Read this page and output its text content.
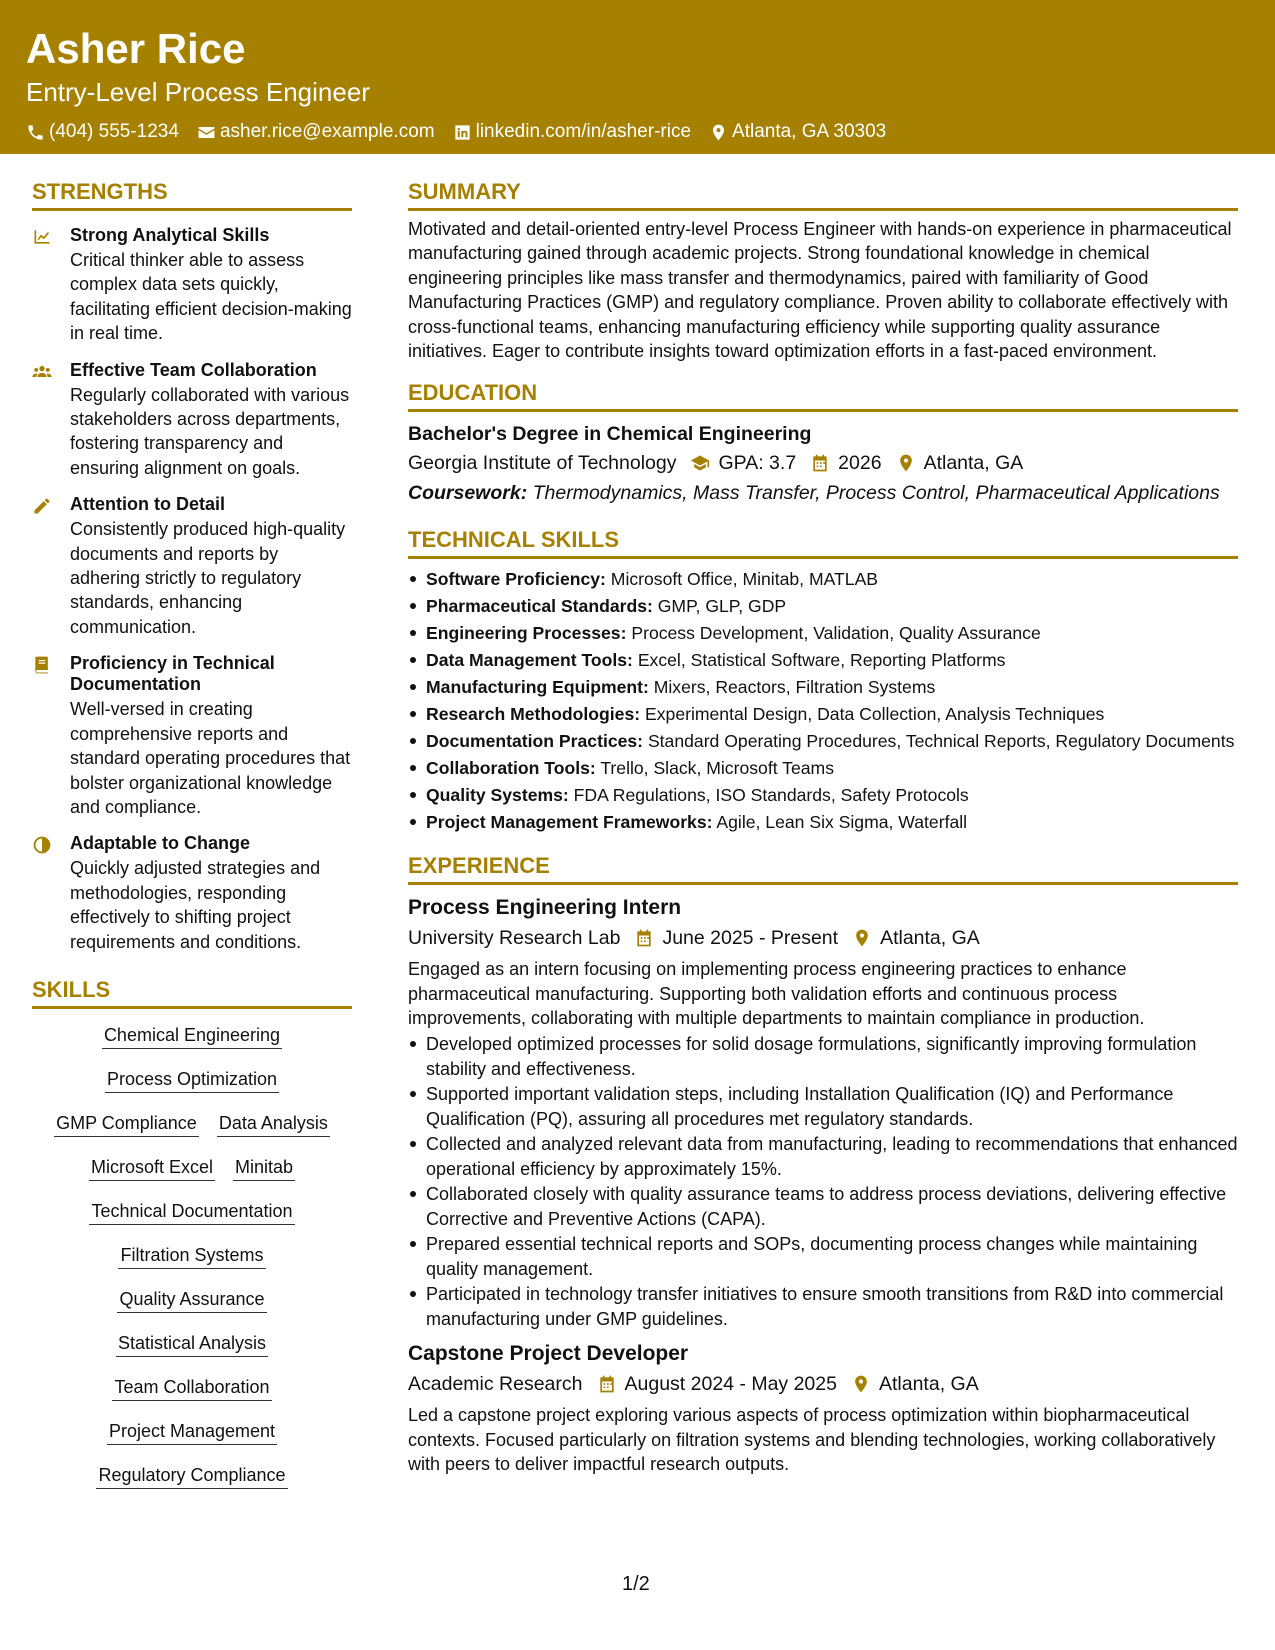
Asher Rice
Entry-Level Process Engineer
(404) 555-1234 asher.rice@example.com linkedin.com/in/asher-rice Atlanta, GA 30303
STRENGTHS
Strong Analytical Skills
Critical thinker able to assess complex data sets quickly, facilitating efficient decision-making in real time.
Effective Team Collaboration
Regularly collaborated with various stakeholders across departments, fostering transparency and ensuring alignment on goals.
Attention to Detail
Consistently produced high-quality documents and reports by adhering strictly to regulatory standards, enhancing communication.
Proficiency in Technical Documentation
Well-versed in creating comprehensive reports and standard operating procedures that bolster organizational knowledge and compliance.
Adaptable to Change
Quickly adjusted strategies and methodologies, responding effectively to shifting project requirements and conditions.
SKILLS
Chemical Engineering
Process Optimization
GMP Compliance Data Analysis
Microsoft Excel Minitab
Technical Documentation
Filtration Systems
Quality Assurance
Statistical Analysis
Team Collaboration
Project Management
Regulatory Compliance
SUMMARY
Motivated and detail-oriented entry-level Process Engineer with hands-on experience in pharmaceutical manufacturing gained through academic projects. Strong foundational knowledge in chemical engineering principles like mass transfer and thermodynamics, paired with familiarity of Good Manufacturing Practices (GMP) and regulatory compliance. Proven ability to collaborate effectively with cross-functional teams, enhancing manufacturing efficiency while supporting quality assurance initiatives. Eager to contribute insights toward optimization efforts in a fast-paced environment.
EDUCATION
Bachelor's Degree in Chemical Engineering
Georgia Institute of Technology GPA: 3.7 2026 Atlanta, GA
Coursework: Thermodynamics, Mass Transfer, Process Control, Pharmaceutical Applications
TECHNICAL SKILLS
Software Proficiency: Microsoft Office, Minitab, MATLAB
Pharmaceutical Standards: GMP, GLP, GDP
Engineering Processes: Process Development, Validation, Quality Assurance
Data Management Tools: Excel, Statistical Software, Reporting Platforms
Manufacturing Equipment: Mixers, Reactors, Filtration Systems
Research Methodologies: Experimental Design, Data Collection, Analysis Techniques
Documentation Practices: Standard Operating Procedures, Technical Reports, Regulatory Documents
Collaboration Tools: Trello, Slack, Microsoft Teams
Quality Systems: FDA Regulations, ISO Standards, Safety Protocols
Project Management Frameworks: Agile, Lean Six Sigma, Waterfall
EXPERIENCE
Process Engineering Intern
University Research Lab June 2025 - Present Atlanta, GA
Engaged as an intern focusing on implementing process engineering practices to enhance pharmaceutical manufacturing. Supporting both validation efforts and continuous process improvements, collaborating with multiple departments to maintain compliance in production.
Developed optimized processes for solid dosage formulations, significantly improving formulation stability and effectiveness.
Supported important validation steps, including Installation Qualification (IQ) and Performance Qualification (PQ), assuring all procedures met regulatory standards.
Collected and analyzed relevant data from manufacturing, leading to recommendations that enhanced operational efficiency by approximately 15%.
Collaborated closely with quality assurance teams to address process deviations, delivering effective Corrective and Preventive Actions (CAPA).
Prepared essential technical reports and SOPs, documenting process changes while maintaining quality management.
Participated in technology transfer initiatives to ensure smooth transitions from R&D into commercial manufacturing under GMP guidelines.
Capstone Project Developer
Academic Research August 2024 - May 2025 Atlanta, GA
Led a capstone project exploring various aspects of process optimization within biopharmaceutical contexts. Focused particularly on filtration systems and blending technologies, working collaboratively with peers to deliver impactful research outputs.
1/2
